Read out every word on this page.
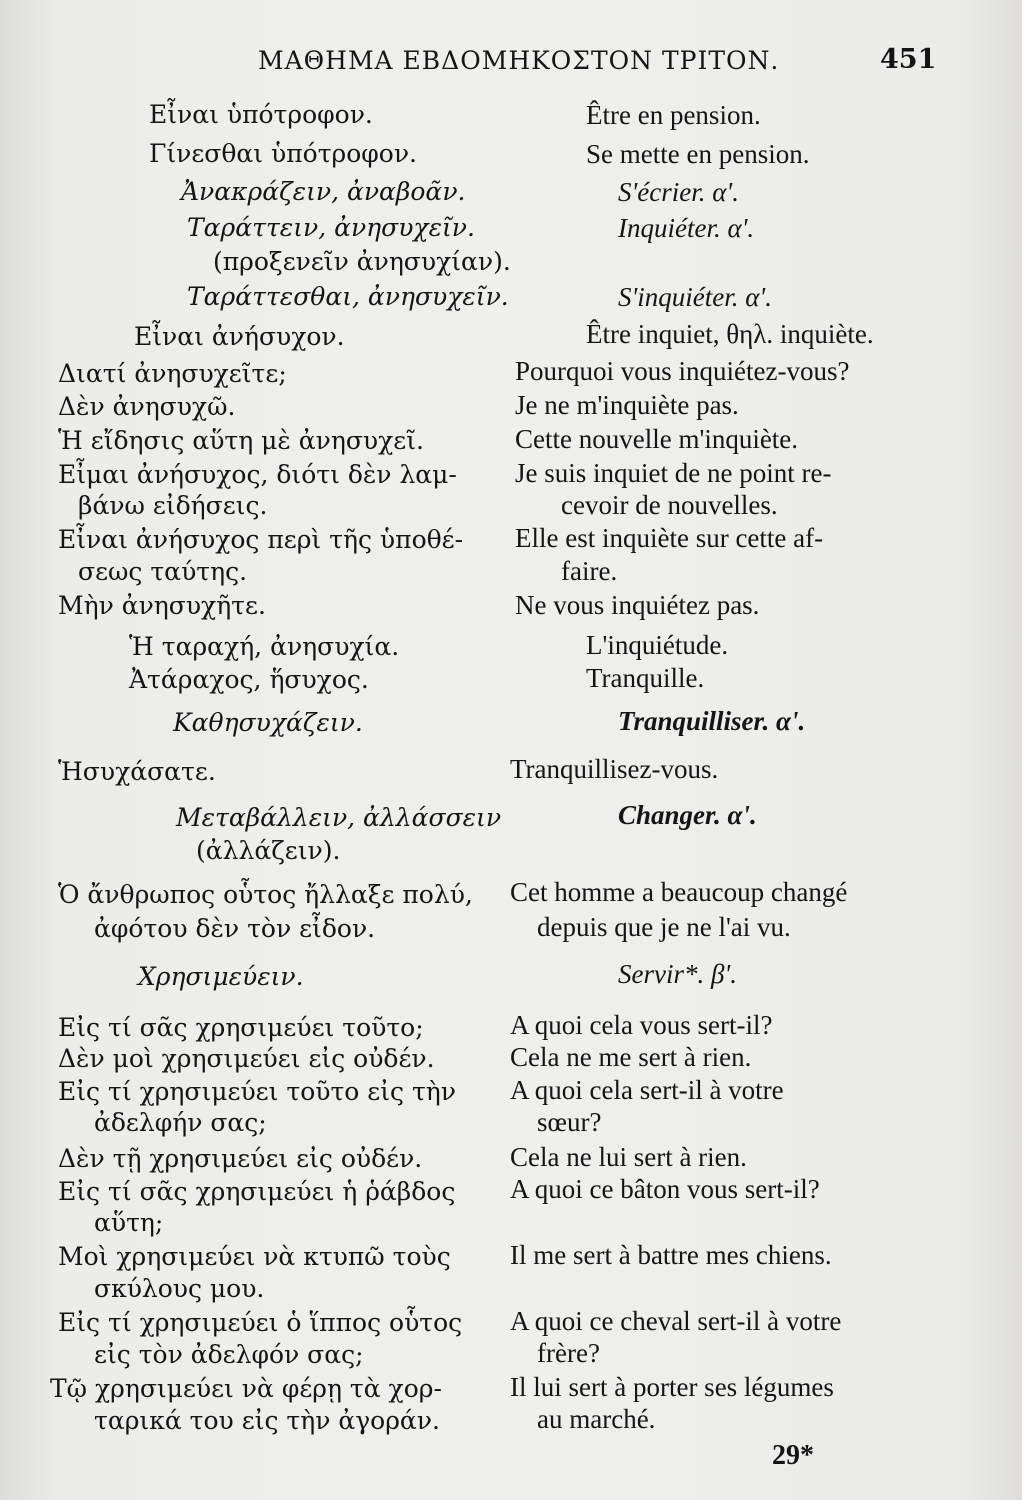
ΜΑΘΗΜΑ ΕΒΔΟΜΗΚΟΣΤΟΝ ΤΡΙΤΟΝ.	451
Εἶναι ὑπότροφον.
Γίνεσθαι ὑπότροφον.
Ἀνακράζειν, ἀναβοᾶν.
Ταράττειν, ἀνησυχεῖν.
(προξενεῖν ἀνησυχίαν).
Ταράττεσθαι, ἀνησυχεῖν.
Εἶναι ἀνήσυχον.
Διατί ἀνησυχεῖτε;
Δὲν ἀνησυχῶ.
Ἡ εἴδησις αὕτη μὲ ἀνησυχεῖ.
Εἶμαι ἀνήσυχος, διότι δὲν λαμ-
βάνω εἰδήσεις.
Εἶναι ἀνήσυχος περὶ τῆς ὑποθέ-
σεως ταύτης.
Μὴν ἀνησυχῆτε.
Ἡ ταραχή, ἀνησυχία.
Ἀτάραχος, ἥσυχος.
Καθησυχάζειν.
Ἡσυχάσατε.
Μεταβάλλειν, ἀλλάσσειν
(ἀλλάζειν).
Ὁ ἄνθρωπος οὗτος ἤλλαξε πολύ,
ἀφότου δὲν τὸν εἶδον.
Χρησιμεύειν.
Εἰς τί σᾶς χρησιμεύει τοῦτο;
Δὲν μοὶ χρησιμεύει εἰς οὐδέν.
Εἰς τί χρησιμεύει τοῦτο εἰς τὴν
ἀδελφήν σας;
Δὲν τῇ χρησιμεύει εἰς οὐδέν.
Εἰς τί σᾶς χρησιμεύει ἡ ῥάβδος
αὕτη;
Μοὶ χρησιμεύει νὰ κτυπῶ τοὺς
σκύλους μου.
Εἰς τί χρησιμεύει ὁ ἵππος οὗτος
εἰς τὸν ἀδελφόν σας;
Τῷ χρησιμεύει νὰ φέρῃ τὰ χορ-
ταρικά του εἰς τὴν ἀγοράν.
Être en pension.
Se mette en pension.
S'écrier. α'.
Inquiéter. α'.
S'inquiéter. α'.
Être inquiet, θηλ. inquiète.
Pourquoi vous inquiétez-vous?
Je ne m'inquiète pas.
Cette nouvelle m'inquiète.
Je suis inquiet de ne point re-
cevoir de nouvelles.
Elle est inquiète sur cette af-
faire.
Ne vous inquiétez pas.
L'inquiétude.
Tranquille.
Tranquilliser. α'.
Tranquillisez-vous.
Changer. α'.
Cet homme a beaucoup changé
depuis que je ne l'ai vu.
Servir*. β'.
A quoi cela vous sert-il?
Cela ne me sert à rien.
A quoi cela sert-il à votre
sœur?
Cela ne lui sert à rien.
A quoi ce bâton vous sert-il?
Il me sert à battre mes chiens.
A quoi ce cheval sert-il à votre
frère?
Il lui sert à porter ses légumes
au marché.
29*
